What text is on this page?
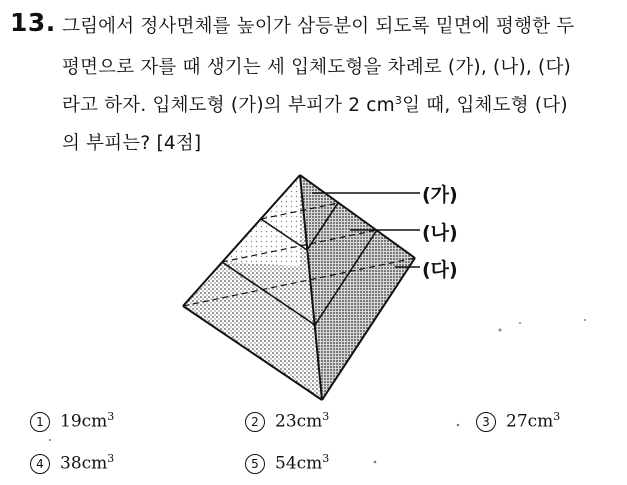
13. 그림에서 정사면체를 높이가 삼등분이 되도록 밑면에 평행한 두
평면으로 자를 때 생기는 세 입체도형을 차례로 (가), (나), (다)
라고 하자. 입체도형 (가)의 부피가 2 $cm^3$일 때, 입체도형 (다)
의 부피는? [4점]
(가)
(나)
(다)
1 $19cm^3$	2 $23cm^3$	3 $27cm^3$
4 $38cm^3$	5 $54cm^3$
